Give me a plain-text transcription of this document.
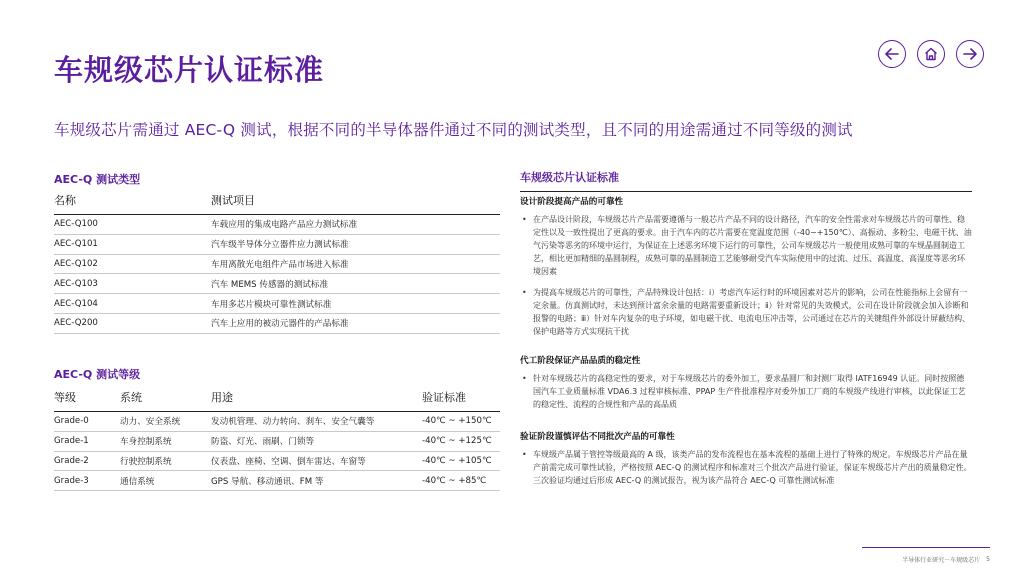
车规级芯片认证标准
车规级芯片需通过 AEC-Q 测试，根据不同的半导体器件通过不同的测试类型，且不同的用途需通过不同等级的测试
AEC-Q 测试类型
名称	测试项目
AEC-Q100	车载应用的集成电路产品应力测试标准
AEC-Q101	汽车级半导体分立器件应力测试标准
AEC-Q102	车用离散光电组件产品市场进入标准
AEC-Q103	汽车 MEMS 传感器的测试标准
AEC-Q104	车用多芯片模块可靠性测试标准
AEC-Q200	汽车上应用的被动元器件的产品标准
AEC-Q 测试等级
等级	系统	用途	验证标准
Grade-0	动力、安全系统	发动机管理、动力转向、刹车、安全气囊等	-40℃ ~ +150℃
Grade-1	车身控制系统	防盗、灯光、雨刷、门锁等	-40℃ ~ +125℃
Grade-2	行驶控制系统	仪表盘、座椅、空调、倒车雷达、车窗等	-40℃ ~ +105℃
Grade-3	通信系统	GPS 导航、移动通讯、FM 等	-40℃ ~ +85℃
车规级芯片认证标准
设计阶段提高产品的可靠性
• 在产品设计阶段，车规级芯片产品需要遵循与一般芯片产品不同的设计路径，汽车的安全性需求对车规级芯片的可靠性、稳定性以及一致性提出了更高的要求。由于汽车内的芯片需要在宽温度范围（-40~+150℃）、高振动、多粉尘、电磁干扰、油气污染等恶劣的环境中运行，为保证在上述恶劣环境下运行的可靠性，公司车规级芯片一般使用成熟可靠的车规晶圆制造工艺，相比更加精细的晶圆制程，成熟可靠的晶圆制造工艺能够耐受汽车实际使用中的过流、过压、高温度、高湿度等恶劣环境因素
• 为提高车规级芯片的可靠性，产品特殊设计包括：ⅰ）考虑汽车运行时的环境因素对芯片的影响，公司在性能指标上会留有一定余量。仿真测试时，未达到预计富余余量的电路需要重新设计；ⅱ）针对常见的失效模式，公司在设计阶段就会加入诊断和报警的电路；ⅲ）针对车内复杂的电子环境，如电磁干扰、电流电压冲击等，公司通过在芯片的关键组件外部设计屏蔽结构、保护电路等方式实现抗干扰
代工阶段保证产品品质的稳定性
• 针对车规级芯片的高稳定性的要求，对于车规级芯片的委外加工，要求晶圆厂和封测厂取得 IATF16949 认证。同时按照德国汽车工业质量标准 VDA6.3 过程审核标准、PPAP 生产件批准程序对委外加工厂商的车规级产线进行审核，以此保证工艺的稳定性、流程的合规性和产品的高品质
验证阶段谨慎评估不同批次产品的可靠性
• 车规级产品属于管控等级最高的 A 级，该类产品的发布流程也在基本流程的基础上进行了特殊的规定。车规级芯片产品在量产前需完成可靠性试验，严格按照 AEC-Q 的测试程序和标准对三个批次产品进行验证，保证车规级芯片产出的质量稳定性。三次验证均通过后形成 AEC-Q 的测试报告，视为该产品符合 AEC-Q 可靠性测试标准
半导体行业研究－车规级芯片 5
